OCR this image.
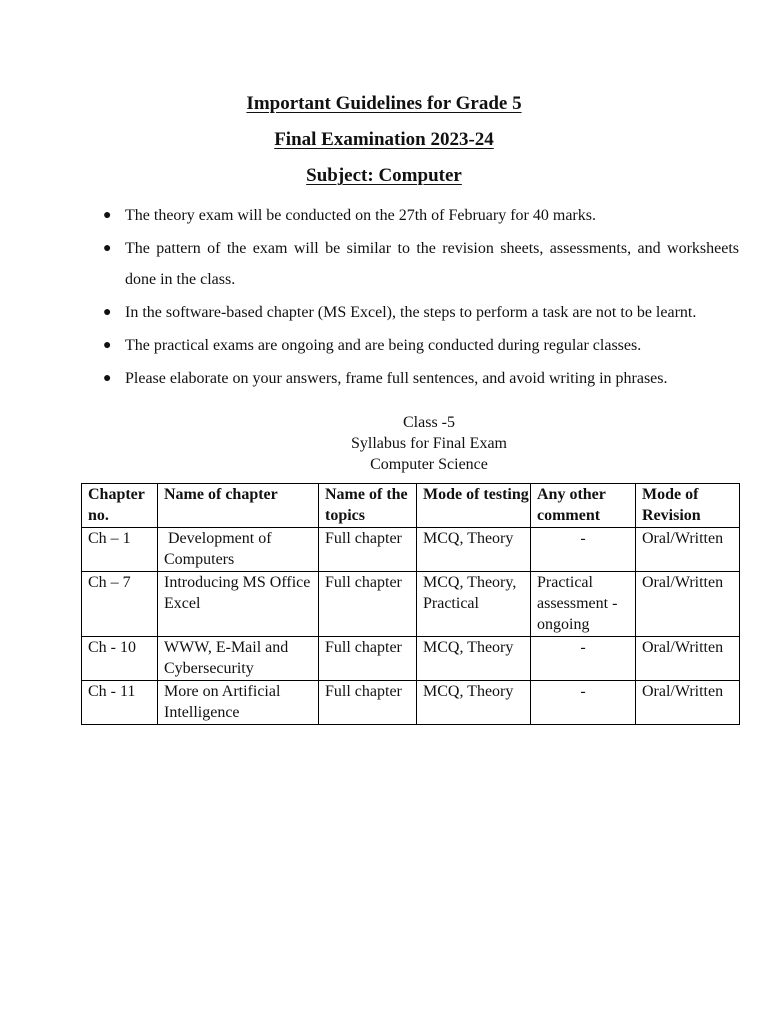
Important Guidelines for Grade 5
Final Examination 2023-24
Subject: Computer
● The theory exam will be conducted on the 27th of February for 40 marks.
● The pattern of the exam will be similar to the revision sheets, assessments, and worksheets done in the class.
● In the software-based chapter (MS Excel), the steps to perform a task are not to be learnt.
● The practical exams are ongoing and are being conducted during regular classes.
● Please elaborate on your answers, frame full sentences, and avoid writing in phrases.
Class -5
Syllabus for Final Exam
Computer Science
Chapter no.	Name of chapter	Name of the topics	Mode of testing	Any other comment	Mode of Revision
Ch – 1	Development of Computers	Full chapter	MCQ, Theory	-	Oral/Written
Ch – 7	Introducing MS Office Excel	Full chapter	MCQ, Theory, Practical	Practical assessment - ongoing	Oral/Written
Ch - 10	WWW, E-Mail and Cybersecurity	Full chapter	MCQ, Theory	-	Oral/Written
Ch - 11	More on Artificial Intelligence	Full chapter	MCQ, Theory	-	Oral/Written
